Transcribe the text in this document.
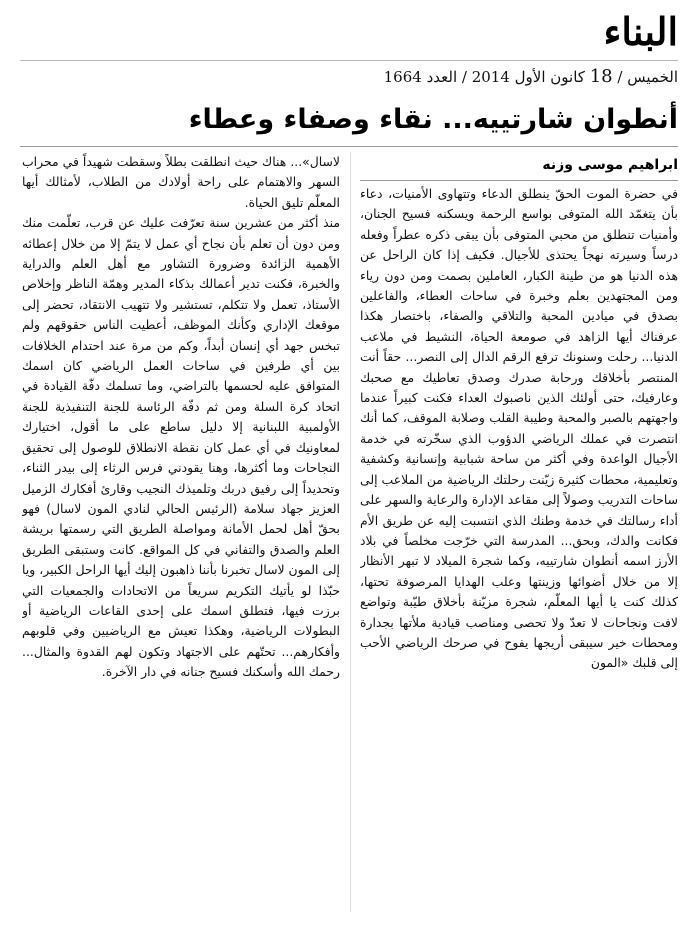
البناء
الخميس / 18 كانون الأول 2014 / العدد 1664
أنطوان شارتييه... نقاء وصفاء وعطاء
ابراهيم موسى وزنه

في حضرة الموت الحقّ ينطلق الدعاء وتتهاوى الأمنيات، دعاء بأن يتغمّد الله المتوفى بواسع الرحمة ويسكنه فسيح الجنان، وأمنيات تنطلق من محبي المتوفى بأن يبقى ذكره عطراً وفعله درساً وسيرته نهجاً يحتذى للأجيال. فكيف إذا كان الراحل عن هذه الدنيا هو من طينة الكبار، العاملين بصمت ومن دون رياء ومن المجتهدين بعلم وخبرة في ساحات العطاء، والفاعلين بصدق في ميادين المحبة والتلاقي والصفاء، باختصار هكذا عرفناك أيها الزاهد في صومعة الحياة، النشيط في ملاعب الدنيا... رحلت وسنونك ترفع الرقم الدال إلى النصر... حقاً أنت المنتصر بأخلاقك ورحابة صدرك وصدق تعاطيك مع صحبك وعارفيك، حتى أولئك الذين ناصبوك العداء فكنت كبيراً عندما واجهتهم بالصبر والمحبة وطيبة القلب وصلابة الموقف، كما أنك انتصرت في عملك الرياضي الدؤوب الذي سخّرته في خدمة الأجيال الواعدة وفي أكثر من ساحة شبابية وإنسانية وكشفية وتعليمية، محطات كثيرة زيّنت رحلتك الرياضية من الملاعب إلى ساحات التدريب وصولاً إلى مقاعد الإدارة والرعاية والسهر على أداء رسالتك في خدمة وطنك الذي انتسبت إليه عن طريق الأم فكانت والدك، وبحق... المدرسة التي خرّجت مخلصاً في بلاد الأرز اسمه أنطوان شارتييه، وكما شجرة الميلاد لا تبهر الأنظار إلا من خلال أضوائها وزينتها وعلب الهدايا المرصوفة تحتها، كذلك كنت يا أيها المعلّم، شجرة مزيّنة بأخلاق طيّبة وتواضع لافت ونجاحات لا تعدّ ولا تحصى ومناصب قيادية ملأتها بجدارة ومحطات خير سيبقى أريجها يفوح في صرحك الرياضي الأحب إلى قلبك «المون

لاسال»... هناك حيث انطلقت بطلاً وسقطت شهيداً في محراب السهر والاهتمام على راحة أولادك من الطلاب، لأمثالك أيها المعلّم تليق الحياة.

منذ أكثر من عشرين سنة تعرّفت عليك عن قرب، تعلّمت منك ومن دون أن تعلم بأن نجاح أي عمل لا يتمّ إلا من خلال إعطائه الأهمية الزائدة وضرورة التشاور مع أهل العلم والدراية والخبرة، فكنت تدير أعمالك بذكاء المدير وهمّة الناظر وإخلاص الأستاذ، تعمل ولا تتكلم، تستشير ولا تتهيب الانتقاد، تحضر إلى موقعك الإداري وكأنك الموظف، أعطيت الناس حقوقهم ولم تبخس جهد أي إنسان أبداً، وكم من مرة عند احتدام الخلافات بين أي طرفين في ساحات العمل الرياضي كان اسمك المتوافق عليه لحسمها بالتراضي، وما تسلمك دفّة القيادة في اتحاد كرة السلة ومن ثم دفّة الرئاسة للجنة التنفيذية للجنة الأولمبية اللبنانية إلا دليل ساطع على ما أقول، اختيارك لمعاونيك في أي عمل كان نقطة الانطلاق للوصول إلى تحقيق النجاحات وما أكثرها، وهنا يقودني فرس الرثاء إلى بيدر الثناء، وتحديداً إلى رفيق دربك وتلميذك النجيب وقارئ أفكارك الزميل العزيز جهاد سلامة (الرئيس الحالي لنادي المون لاسال) فهو بحقّ أهل لحمل الأمانة ومواصلة الطريق التي رسمتها بريشة العلم والصدق والتفاني في كل المواقع. كانت وستبقى الطريق إلى المون لاسال تخبرنا بأننا ذاهبون إليك أيها الراحل الكبير، ويا حبّذا لو يأتيك التكريم سريعاً من الاتحادات والجمعيات التي برزت فيها، فتطلق اسمك على إحدى القاعات الرياضية أو البطولات الرياضية، وهكذا تعيش مع الرياضيين وفي قلوبهم وأفكارهم... تحتّهم على الاجتهاد وتكون لهم القدوة والمثال... رحمك الله وأسكنك فسيح جنانه في دار الآخرة.
